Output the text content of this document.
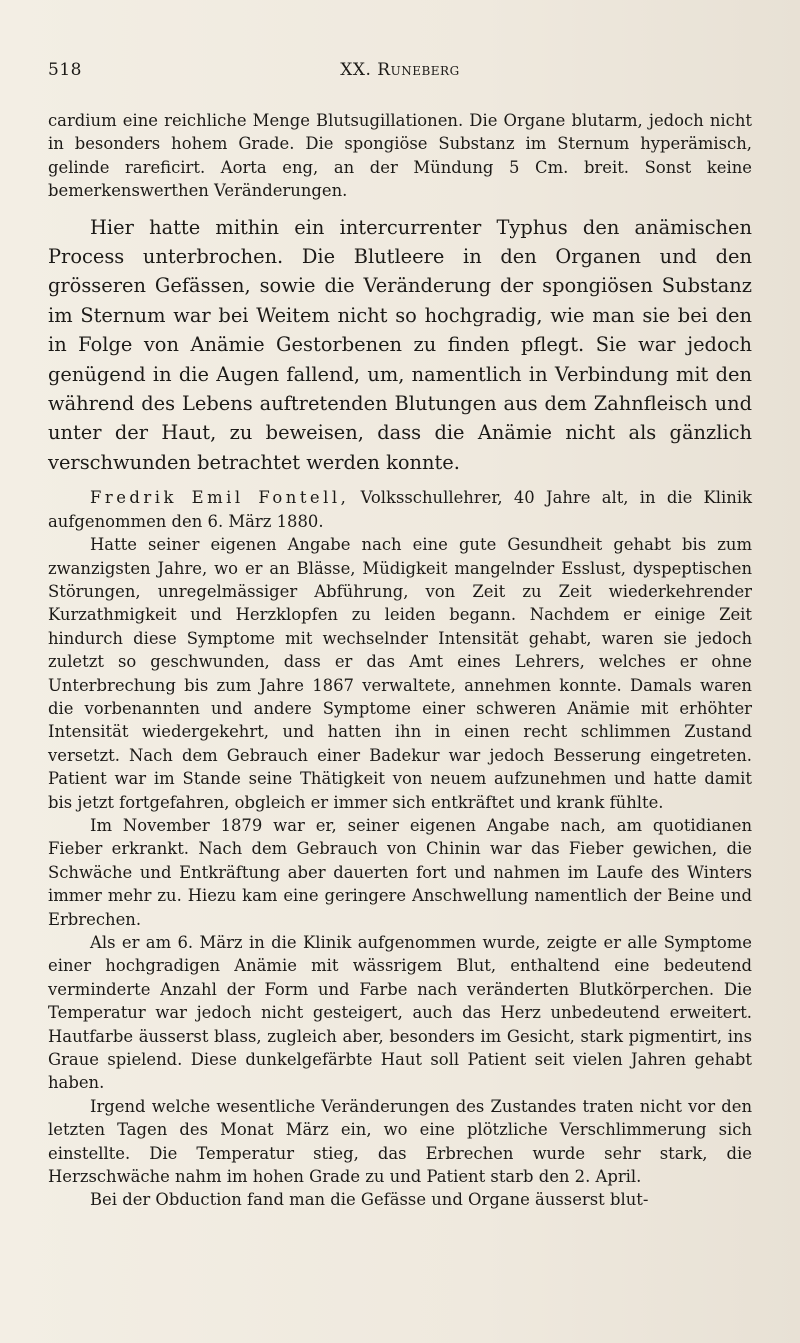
518	XX. Runeberg

cardium eine reichliche Menge Blutsugillationen. Die Organe blutarm, jedoch nicht in besonders hohem Grade. Die spongiöse Substanz im Sternum hyperämisch, gelinde rareficirt. Aorta eng, an der Mündung 5 Cm. breit. Sonst keine bemerkenswerthen Veränderungen.

Hier hatte mithin ein intercurrenter Typhus den anämischen Process unterbrochen. Die Blutleere in den Organen und den grösseren Gefässen, sowie die Veränderung der spongiösen Substanz im Sternum war bei Weitem nicht so hochgradig, wie man sie bei den in Folge von Anämie Gestorbenen zu finden pflegt. Sie war jedoch genügend in die Augen fallend, um, namentlich in Verbindung mit den während des Lebens auftretenden Blutungen aus dem Zahnfleisch und unter der Haut, zu beweisen, dass die Anämie nicht als gänzlich verschwunden betrachtet werden konnte.

Fredrik Emil Fontell, Volksschullehrer, 40 Jahre alt, in die Klinik aufgenommen den 6. März 1880.

Hatte seiner eigenen Angabe nach eine gute Gesundheit gehabt bis zum zwanzigsten Jahre, wo er an Blässe, Müdigkeit mangelnder Esslust, dyspeptischen Störungen, unregelmässiger Abführung, von Zeit zu Zeit wiederkehrender Kurzathmigkeit und Herzklopfen zu leiden begann. Nachdem er einige Zeit hindurch diese Symptome mit wechselnder Intensität gehabt, waren sie jedoch zuletzt so geschwunden, dass er das Amt eines Lehrers, welches er ohne Unterbrechung bis zum Jahre 1867 verwaltete, annehmen konnte. Damals waren die vorbenannten und andere Symptome einer schweren Anämie mit erhöhter Intensität wiedergekehrt, und hatten ihn in einen recht schlimmen Zustand versetzt. Nach dem Gebrauch einer Badekur war jedoch Besserung eingetreten. Patient war im Stande seine Thätigkeit von neuem aufzunehmen und hatte damit bis jetzt fortgefahren, obgleich er immer sich entkräftet und krank fühlte.

Im November 1879 war er, seiner eigenen Angabe nach, am quotidianen Fieber erkrankt. Nach dem Gebrauch von Chinin war das Fieber gewichen, die Schwäche und Entkräftung aber dauerten fort und nahmen im Laufe des Winters immer mehr zu. Hiezu kam eine geringere Anschwellung namentlich der Beine und Erbrechen.

Als er am 6. März in die Klinik aufgenommen wurde, zeigte er alle Symptome einer hochgradigen Anämie mit wässrigem Blut, enthaltend eine bedeutend verminderte Anzahl der Form und Farbe nach veränderten Blutkörperchen. Die Temperatur war jedoch nicht gesteigert, auch das Herz unbedeutend erweitert. Hautfarbe äusserst blass, zugleich aber, besonders im Gesicht, stark pigmentirt, ins Graue spielend. Diese dunkelgefärbte Haut soll Patient seit vielen Jahren gehabt haben.

Irgend welche wesentliche Veränderungen des Zustandes traten nicht vor den letzten Tagen des Monat März ein, wo eine plötzliche Verschlimmerung sich einstellte. Die Temperatur stieg, das Erbrechen wurde sehr stark, die Herzschwäche nahm im hohen Grade zu und Patient starb den 2. April.

Bei der Obduction fand man die Gefässe und Organe äusserst blut-
